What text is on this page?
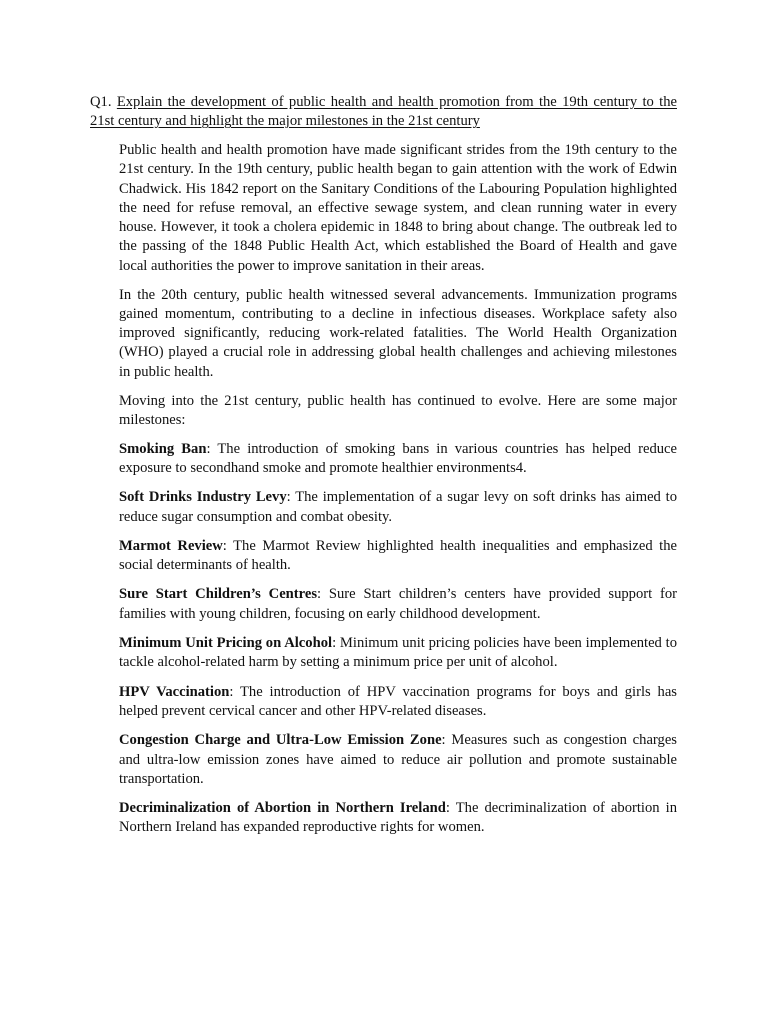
Q1. Explain the development of public health and health promotion from the 19th century to the 21st century and highlight the major milestones in the 21st century

Public health and health promotion have made significant strides from the 19th century to the 21st century. In the 19th century, public health began to gain attention with the work of Edwin Chadwick. His 1842 report on the Sanitary Conditions of the Labouring Population highlighted the need for refuse removal, an effective sewage system, and clean running water in every house. However, it took a cholera epidemic in 1848 to bring about change. The outbreak led to the passing of the 1848 Public Health Act, which established the Board of Health and gave local authorities the power to improve sanitation in their areas.

In the 20th century, public health witnessed several advancements. Immunization programs gained momentum, contributing to a decline in infectious diseases. Workplace safety also improved significantly, reducing work-related fatalities. The World Health Organization (WHO) played a crucial role in addressing global health challenges and achieving milestones in public health.

Moving into the 21st century, public health has continued to evolve. Here are some major milestones:

Smoking Ban: The introduction of smoking bans in various countries has helped reduce exposure to secondhand smoke and promote healthier environments4.

Soft Drinks Industry Levy: The implementation of a sugar levy on soft drinks has aimed to reduce sugar consumption and combat obesity.

Marmot Review: The Marmot Review highlighted health inequalities and emphasized the social determinants of health.

Sure Start Children’s Centres: Sure Start children’s centers have provided support for families with young children, focusing on early childhood development.

Minimum Unit Pricing on Alcohol: Minimum unit pricing policies have been implemented to tackle alcohol-related harm by setting a minimum price per unit of alcohol.

HPV Vaccination: The introduction of HPV vaccination programs for boys and girls has helped prevent cervical cancer and other HPV-related diseases.

Congestion Charge and Ultra-Low Emission Zone: Measures such as congestion charges and ultra-low emission zones have aimed to reduce air pollution and promote sustainable transportation.

Decriminalization of Abortion in Northern Ireland: The decriminalization of abortion in Northern Ireland has expanded reproductive rights for women.
